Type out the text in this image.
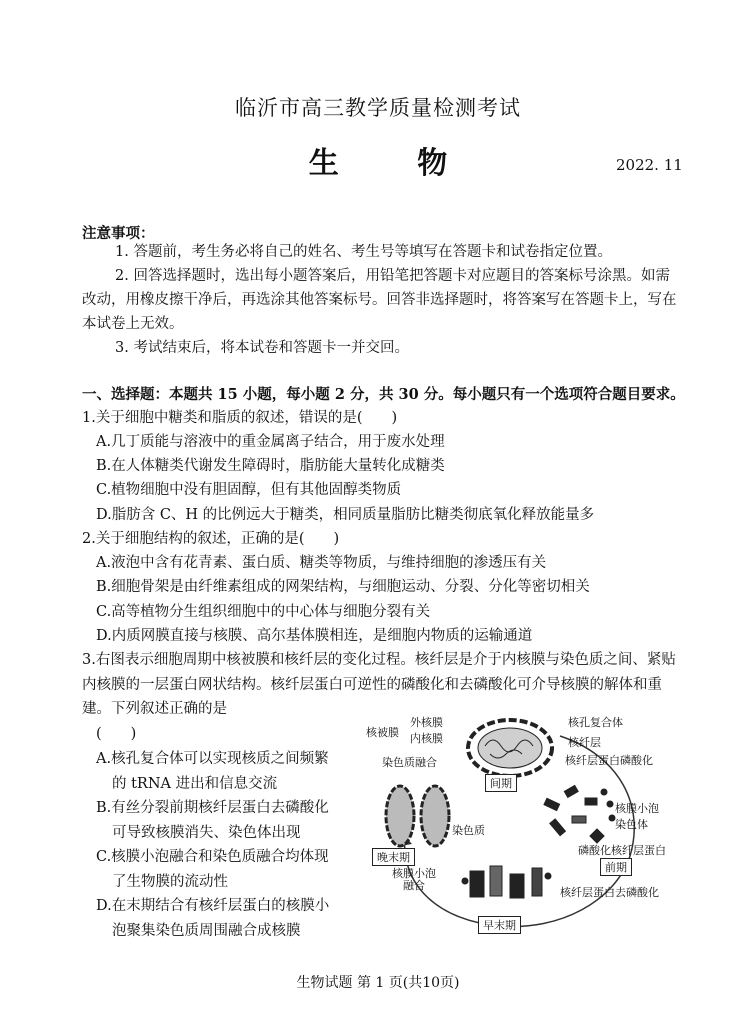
临沂市高三教学质量检测考试
生 物	2022. 11
注意事项：
1. 答题前，考生务必将自己的姓名、考生号等填写在答题卡和试卷指定位置。
2. 回答选择题时，选出每小题答案后，用铅笔把答题卡对应题目的答案标号涂黑。如需改动，用橡皮擦干净后，再选涂其他答案标号。回答非选择题时，将答案写在答题卡上，写在本试卷上无效。
3. 考试结束后，将本试卷和答题卡一并交回。
一、选择题：本题共 15 小题，每小题 2 分，共 30 分。每小题只有一个选项符合题目要求。
1.关于细胞中糖类和脂质的叙述，错误的是(　　)
A.几丁质能与溶液中的重金属离子结合，用于废水处理
B.在人体糖类代谢发生障碍时，脂肪能大量转化成糖类
C.植物细胞中没有胆固醇，但有其他固醇类物质
D.脂肪含 C、H 的比例远大于糖类，相同质量脂肪比糖类彻底氧化释放能量多
2.关于细胞结构的叙述，正确的是(　　)
A.液泡中含有花青素、蛋白质、糖类等物质，与维持细胞的渗透压有关
B.细胞骨架是由纤维素组成的网架结构，与细胞运动、分裂、分化等密切相关
C.高等植物分生组织细胞中的中心体与细胞分裂有关
D.内质网膜直接与核膜、高尔基体膜相连，是细胞内物质的运输通道
3.右图表示细胞周期中核被膜和核纤层的变化过程。核纤层是介于内核膜与染色质之间、紧贴内核膜的一层蛋白网状结构。核纤层蛋白可逆性的磷酸化和去磷酸化可介导核膜的解体和重建。下列叙述正确的是
(　　)
A.核孔复合体可以实现核质之间频繁
的 tRNA 进出和信息交流
B.有丝分裂前期核纤层蛋白去磷酸化
可导致核膜消失、染色体出现
C.核膜小泡融合和染色质融合均体现
了生物膜的流动性
D.在末期结合有核纤层蛋白的核膜小
泡聚集染色质周围融合成核膜
核被膜
外核膜
内核膜
核孔复合体
核纤层
核纤层蛋白磷酸化
染色质融合
间期
核膜小泡
染色体
磷酸化核纤层蛋白
前期
染色质
晚末期
核膜小泡融合
核纤层蛋白去磷酸化
早末期
生物试题 第 1 页(共10页)
